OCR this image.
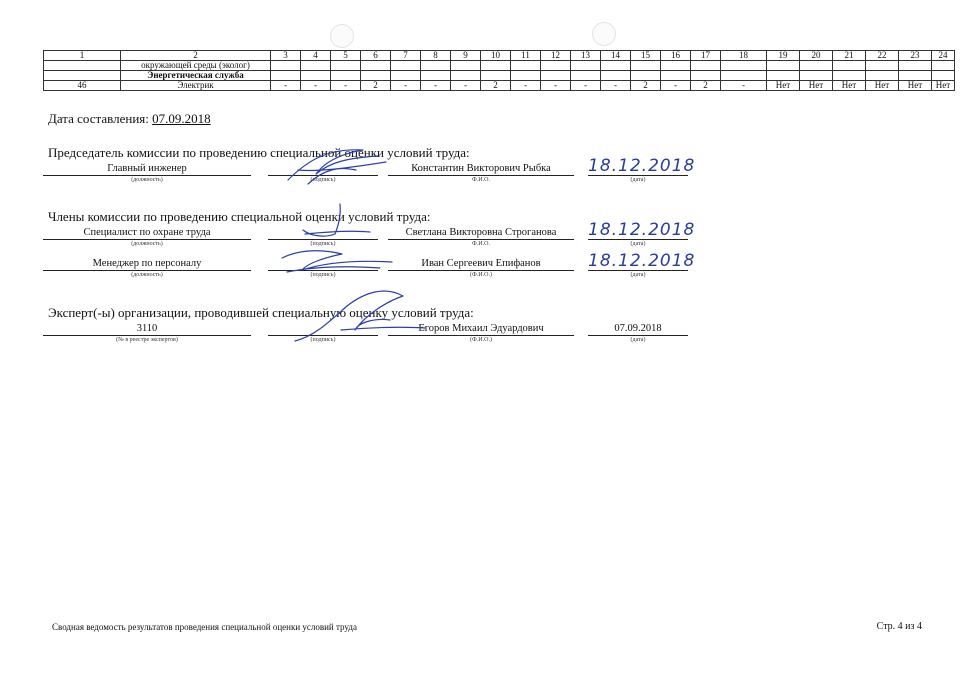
1	2	3	4	5	6	7	8	9	10	11	12	13	14	15	16	17	18	19	20	21	22	23	24
	окружающей среды (эколог)																						
	Энергетическая служба																						
46	Электрик	-	-	-	2	-	-	-	2	-	-	-	-	2	-	2	-	Нет	Нет	Нет	Нет	Нет	Нет
Дата составления: 07.09.2018
Председатель комиссии по проведению специальной оценки условий труда:
Главный инженер
(должность)	(подпись)
Константин Викторович Рыбка
Ф.И.О.
18.12.2018
(дата)
Члены комиссии по проведению специальной оценки условий труда:
Специалист по охране труда
(должность)	(подпись)
Светлана Викторовна Строганова
Ф.И.О.
18.12.2018
(дата)
Менеджер по персоналу
(должность)	(подпись)
Иван Сергеевич Епифанов
(Ф.И.О.)
18.12.2018
(дата)
Эксперт(-ы) организации, проводившей специальную оценку условий труда:
3110
(№ в реестре экспертов)	(подпись)
Егоров Михаил Эдуардович
(Ф.И.О.)
07.09.2018
(дата)
Сводная ведомость результатов проведения специальной оценки условий труда	Стр. 4 из 4
